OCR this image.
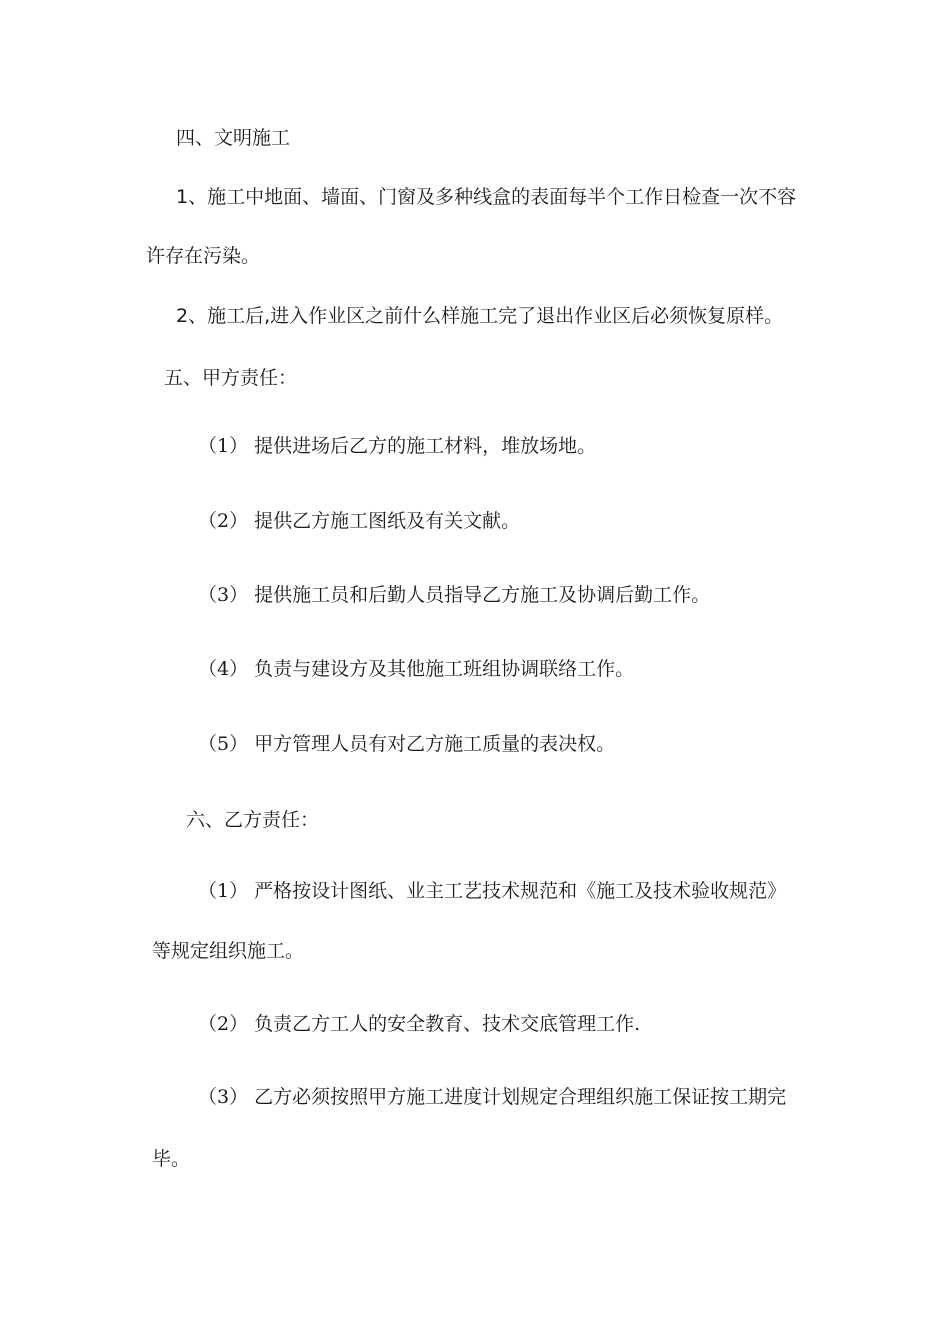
四、文明施工
1、施工中地面、墙面、门窗及多种线盒的表面每半个工作日检查一次不容
许存在污染。
2、施工后,进入作业区之前什么样施工完了退出作业区后必须恢复原样。
五、甲方责任：
（1） 提供进场后乙方的施工材料，堆放场地。
（2） 提供乙方施工图纸及有关文献。
（3） 提供施工员和后勤人员指导乙方施工及协调后勤工作。
（4） 负责与建设方及其他施工班组协调联络工作。
（5） 甲方管理人员有对乙方施工质量的表决权。
六、乙方责任：
（1） 严格按设计图纸、业主工艺技术规范和《施工及技术验收规范》
等规定组织施工。
（2） 负责乙方工人的安全教育、技术交底管理工作.
（3） 乙方必须按照甲方施工进度计划规定合理组织施工保证按工期完
毕。
